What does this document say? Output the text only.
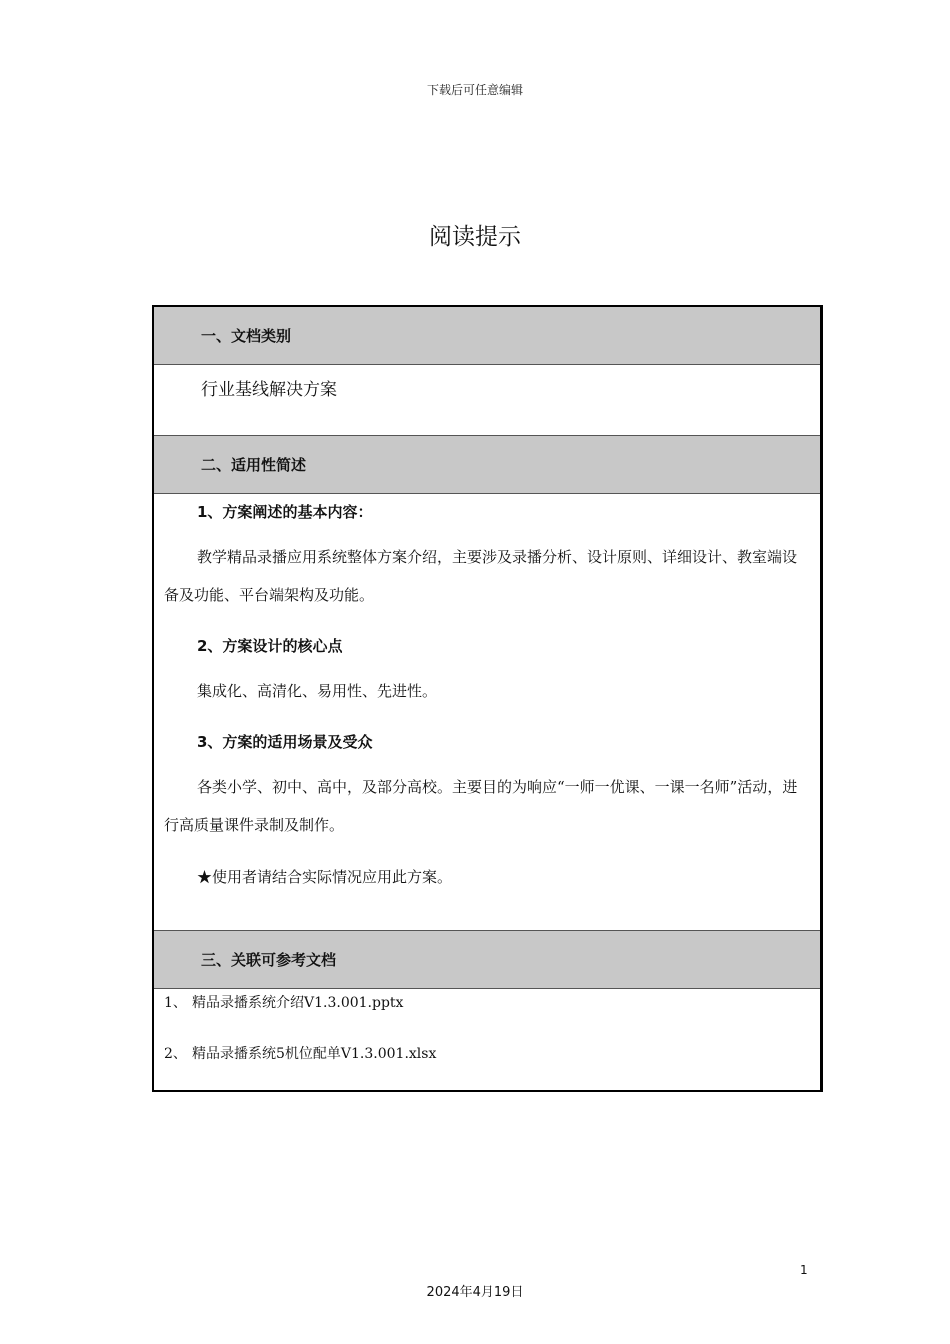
下载后可任意编辑
阅读提示
一、文档类别
行业基线解决方案
二、适用性简述
1、方案阐述的基本内容：

教学精品录播应用系统整体方案介绍，主要涉及录播分析、设计原则、详细设计、教室端设备及功能、平台端架构及功能。

2、方案设计的核心点

集成化、高清化、易用性、先进性。

3、方案的适用场景及受众

各类小学、初中、高中，及部分高校。主要目的为响应“一师一优课、一课一名师”活动，进行高质量课件录制及制作。

★使用者请结合实际情况应用此方案。

三、关联可参考文档
1、 精品录播系统介绍V1.3.001.pptx
2、 精品录播系统5机位配单V1.3.001.xlsx
1
2024年4月19日
